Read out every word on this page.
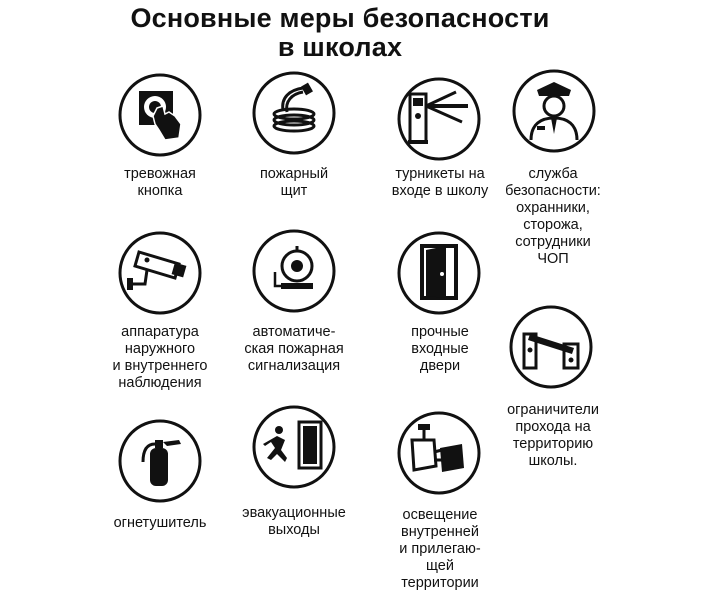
Основные меры безопасности
в школах
тревожная
кнопка
пожарный
щит
турникеты на
входе в школу
служба
безопасности:
охранники,
сторожа,
сотрудники
ЧОП
аппаратура
наружного
и внутреннего
наблюдения
автоматиче-
ская пожарная
сигнализация
прочные
входные
двери
ограничители
прохода на
территорию
школы.
огнетушитель
эвакуационные
выходы
освещение
внутренней
и прилегаю-
щей
территории
